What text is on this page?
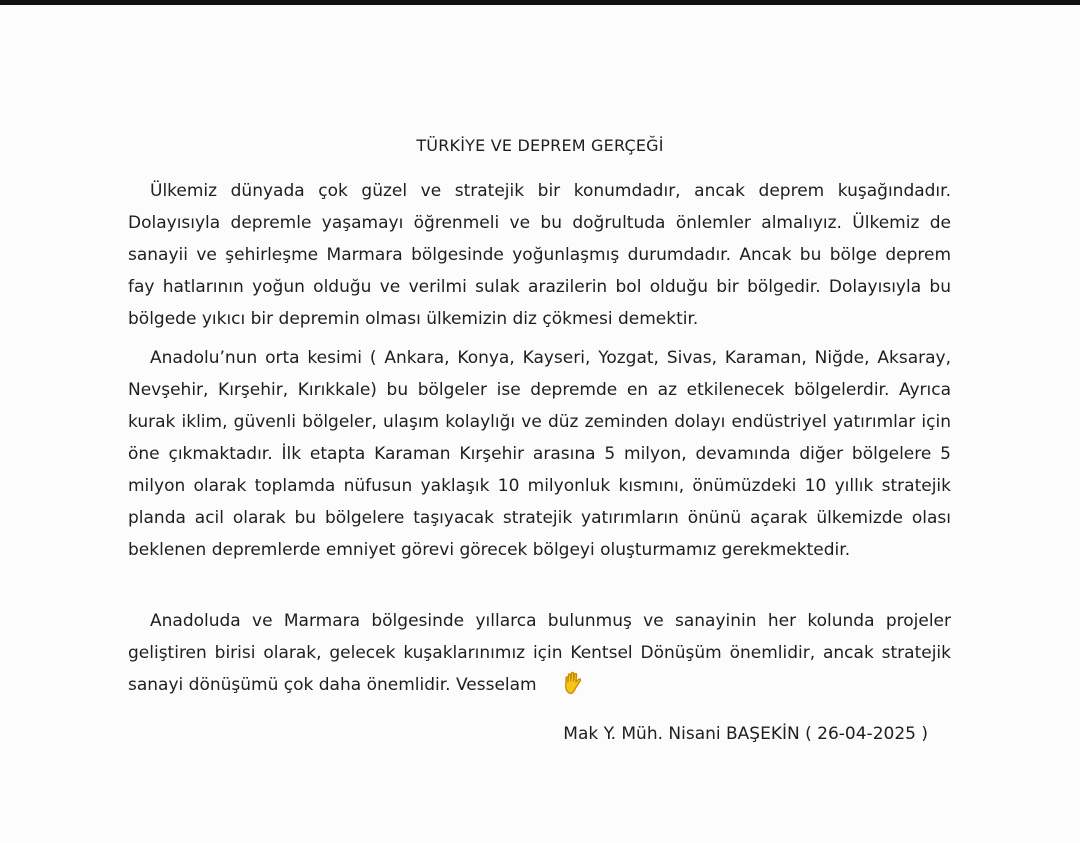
TÜRKİYE VE DEPREM GERÇEĞİ

Ülkemiz dünyada çok güzel ve stratejik bir konumdadır, ancak deprem kuşağındadır. Dolayısıyla depremle yaşamayı öğrenmeli ve bu doğrultuda önlemler almalıyız. Ülkemiz de sanayii ve şehirleşme Marmara bölgesinde yoğunlaşmış durumdadır. Ancak bu bölge deprem fay hatlarının yoğun olduğu ve verilmi sulak arazilerin bol olduğu bir bölgedir. Dolayısıyla bu bölgede yıkıcı bir depremin olması ülkemizin diz çökmesi demektir.

Anadolu’nun orta kesimi ( Ankara, Konya, Kayseri, Yozgat, Sivas, Karaman, Niğde, Aksaray, Nevşehir, Kırşehir, Kırıkkale) bu bölgeler ise depremde en az etkilenecek bölgelerdir. Ayrıca kurak iklim, güvenli bölgeler, ulaşım kolaylığı ve düz zeminden dolayı endüstriyel yatırımlar için öne çıkmaktadır. İlk etapta Karaman Kırşehir arasına 5 milyon, devamında diğer bölgelere 5 milyon olarak toplamda nüfusun yaklaşık 10 milyonluk kısmını, önümüzdeki 10 yıllık stratejik planda acil olarak bu bölgelere taşıyacak stratejik yatırımların önünü açarak ülkemizde olası beklenen depremlerde emniyet görevi görecek bölgeyi oluşturmamız gerekmektedir.

Anadoluda ve Marmara bölgesinde yıllarca bulunmuş ve sanayinin her kolunda projeler geliştiren birisi olarak, gelecek kuşaklarınımız için Kentsel Dönüşüm önemlidir, ancak stratejik sanayi dönüşümü çok daha önemlidir. Vesselam

Mak Y. Müh. Nisani BAŞEKİN ( 26-04-2025 )
